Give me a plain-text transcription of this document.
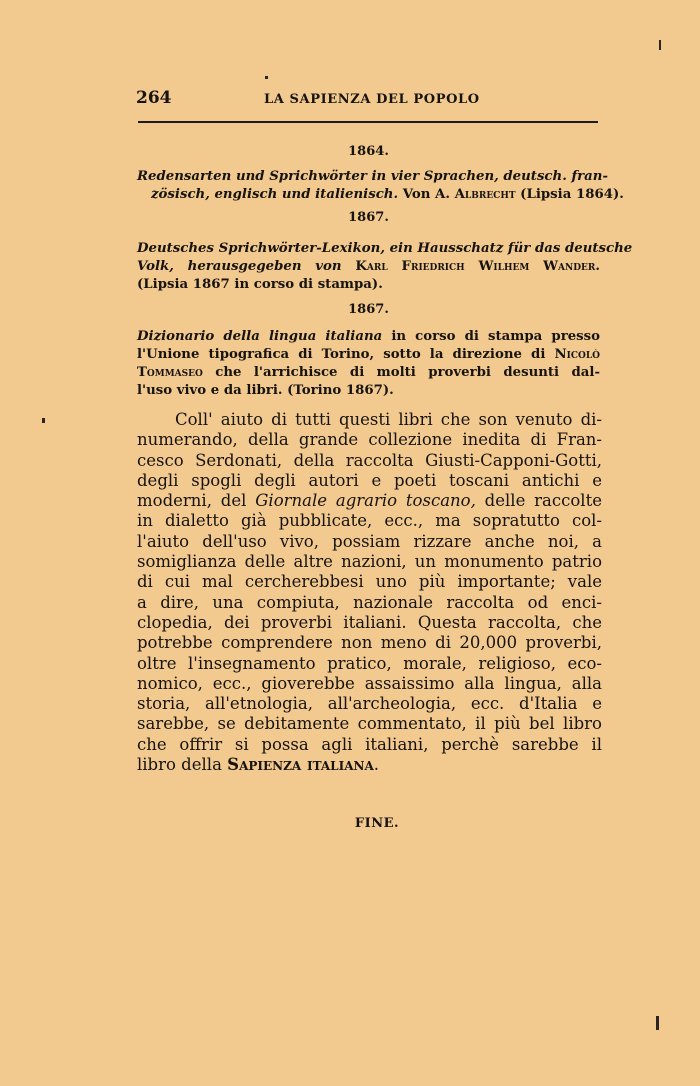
264	LA SAPIENZA DEL POPOLO
1864.
Redensarten und Sprichwörter in vier Sprachen, deutsch. fran-
zösisch, englisch und italienisch. Von A. Albrecht (Lipsia 1864).
1867.
Deutsches Sprichwörter-Lexikon, ein Hausschatz für das deutsche
Volk, herausgegeben von Karl Friedrich Wilhem Wander.
(Lipsia 1867 in corso di stampa).
1867.
Dizionario della lingua italiana in corso di stampa presso
l'Unione tipografica di Torino, sotto la direzione di Nicolò
Tommaseo che l'arrichisce di molti proverbi desunti dal-
l'uso vivo e da libri. (Torino 1867).
Coll' aiuto di tutti questi libri che son venuto di-
numerando, della grande collezione inedita di Fran-
cesco Serdonati, della raccolta Giusti-Capponi-Gotti,
degli spogli degli autori e poeti toscani antichi e
moderni, del Giornale agrario toscano, delle raccolte
in dialetto già pubblicate, ecc., ma sopratutto col-
l'aiuto dell'uso vivo, possiam rizzare anche noi, a
somiglianza delle altre nazioni, un monumento patrio
di cui mal cercherebbesi uno più importante; vale
a dire, una compiuta, nazionale raccolta od enci-
clopedia, dei proverbi italiani. Questa raccolta, che
potrebbe comprendere non meno di 20,000 proverbi,
oltre l'insegnamento pratico, morale, religioso, eco-
nomico, ecc., gioverebbe assaissimo alla lingua, alla
storia, all'etnologia, all'archeologia, ecc. d'Italia e
sarebbe, se debitamente commentato, il più bel libro
che offrir si possa agli italiani, perchè sarebbe il
libro della Sapienza italiana.
FINE.
